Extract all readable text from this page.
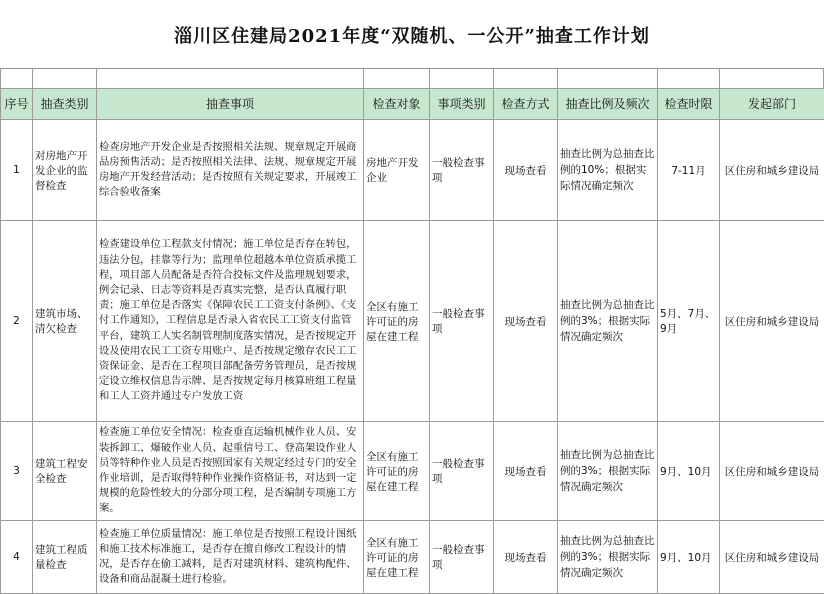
淄川区住建局2021年度“双随机、一公开”抽查工作计划
序号	抽查类别	抽查事项	检查对象	事项类别	检查方式	抽查比例及频次	检查时限	发起部门
1	对房地产开发企业的监督检查	检查房地产开发企业是否按照相关法规、规章规定开展商品房预售活动；是否按照相关法律、法规、规章规定开展房地产开发经营活动；是否按照有关规定要求，开展竣工综合验收备案	房地产开发企业	一般检查事项	现场查看	抽查比例为总抽查比例的10%；根据实际情况确定频次	7-11月	区住房和城乡建设局
2	建筑市场、清欠检查	检查建设单位工程款支付情况；施工单位是否存在转包，违法分包，挂靠等行为；监理单位超越本单位资质承揽工程，项目部人员配备是否符合投标文件及监理规划要求，例会记录、日志等资料是否真实完整，是否认真履行职责；施工单位是否落实《保障农民工工资支付条例》、《支付工作通知》，工程信息是否录入省农民工工资支付监管平台，建筑工人实名制管理制度落实情况，是否按规定开设及使用农民工工资专用账户、是否按规定缴存农民工工资保证金、是否在工程项目部配备劳务管理员，是否按规定设立维权信息告示牌、是否按规定每月核算班组工程量和工人工资并通过专户发放工资	全区有施工许可证的房屋在建工程	一般检查事项	现场查看	抽查比例为总抽查比例的3%；根据实际情况确定频次	5月、7月、9月	区住房和城乡建设局
3	建筑工程安全检查	检查施工单位安全情况：检查垂直运输机械作业人员、安装拆卸工、爆破作业人员、起重信号工、登高架设作业人员等特种作业人员是否按照国家有关规定经过专门的安全作业培训，是否取得特种作业操作资格证书，对达到一定规模的危险性较大的分部分项工程，是否编制专项施工方案。	全区有施工许可证的房屋在建工程	一般检查事项	现场查看	抽查比例为总抽查比例的3%；根据实际情况确定频次	9月、10月	区住房和城乡建设局
4	建筑工程质量检查	检查施工单位质量情况：施工单位是否按照工程设计图纸和施工技术标准施工，是否存在擅自修改工程设计的情况，是否存在偷工减料，是否对建筑材料、建筑构配件、设备和商品混凝土进行检验。	全区有施工许可证的房屋在建工程	一般检查事项	现场查看	抽查比例为总抽查比例的3%；根据实际情况确定频次	9月、10月	区住房和城乡建设局
